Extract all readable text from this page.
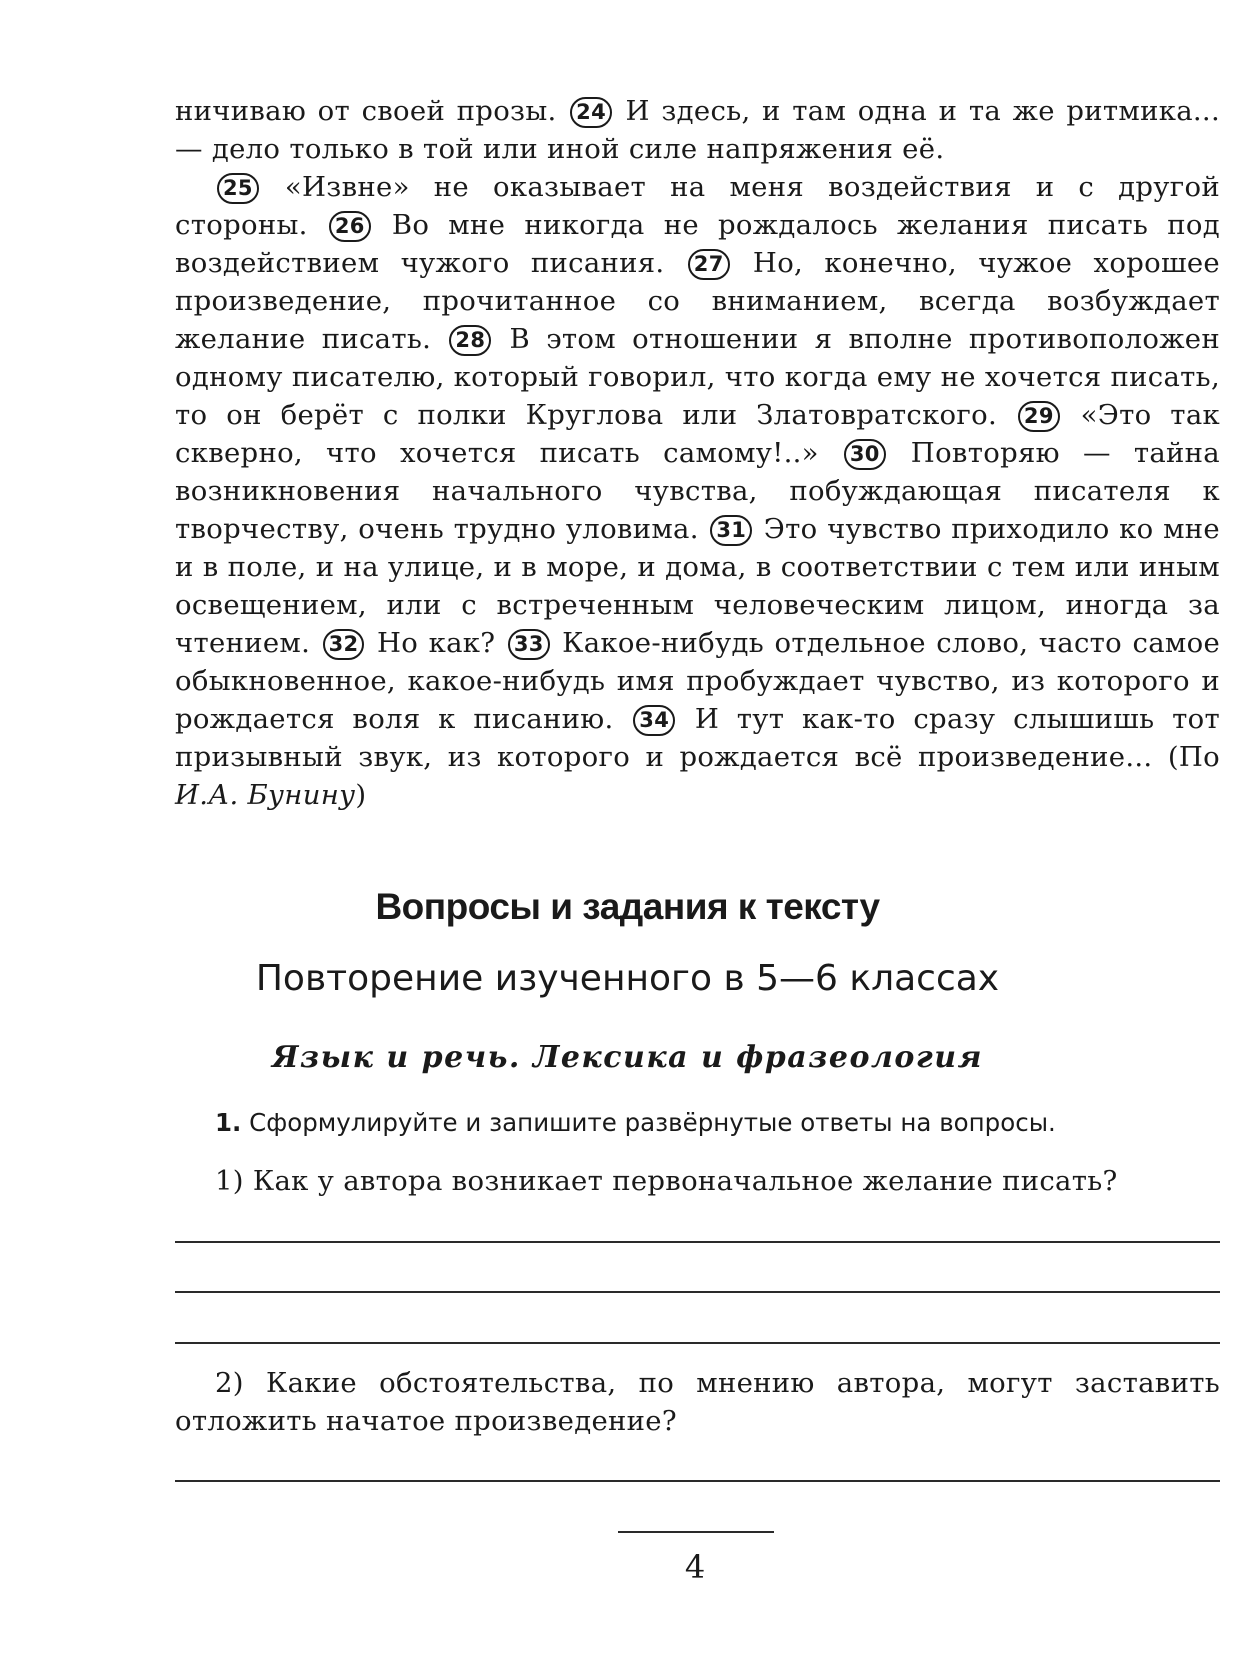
ничиваю от своей прозы. 24 И здесь, и там одна и та же ритмика... — дело только в той или иной силе напряжения её.

25 «Извне» не оказывает на меня воздействия и с другой стороны. 26 Во мне никогда не рождалось желания писать под воздействием чужого писания. 27 Но, конечно, чужое хорошее произведение, прочитанное со вниманием, всегда возбуждает желание писать. 28 В этом отношении я вполне противоположен одному писателю, который говорил, что когда ему не хочется писать, то он берёт с полки Круглова или Златовратского. 29 «Это так скверно, что хочется писать самому!..» 30 Повторяю — тайна возникновения начального чувства, побуждающая писателя к творчеству, очень трудно уловима. 31 Это чувство приходило ко мне и в поле, и на улице, и в море, и дома, в соответствии с тем или иным освещением, или с встреченным человеческим лицом, иногда за чтением. 32 Но как? 33 Какое-нибудь отдельное слово, часто самое обыкновенное, какое-нибудь имя пробуждает чувство, из которого и рождается воля к писанию. 34 И тут как-то сразу слышишь тот призывный звук, из которого и рождается всё произведение... (По И.А. Бунину)

Вопросы и задания к тексту
Повторение изученного в 5—6 классах
Язык и речь. Лексика и фразеология
1. Сформулируйте и запишите развёрнутые ответы на вопросы.
1) Как у автора возникает первоначальное желание писать?
2) Какие обстоятельства, по мнению автора, могут заставить отложить начатое произведение?
4
